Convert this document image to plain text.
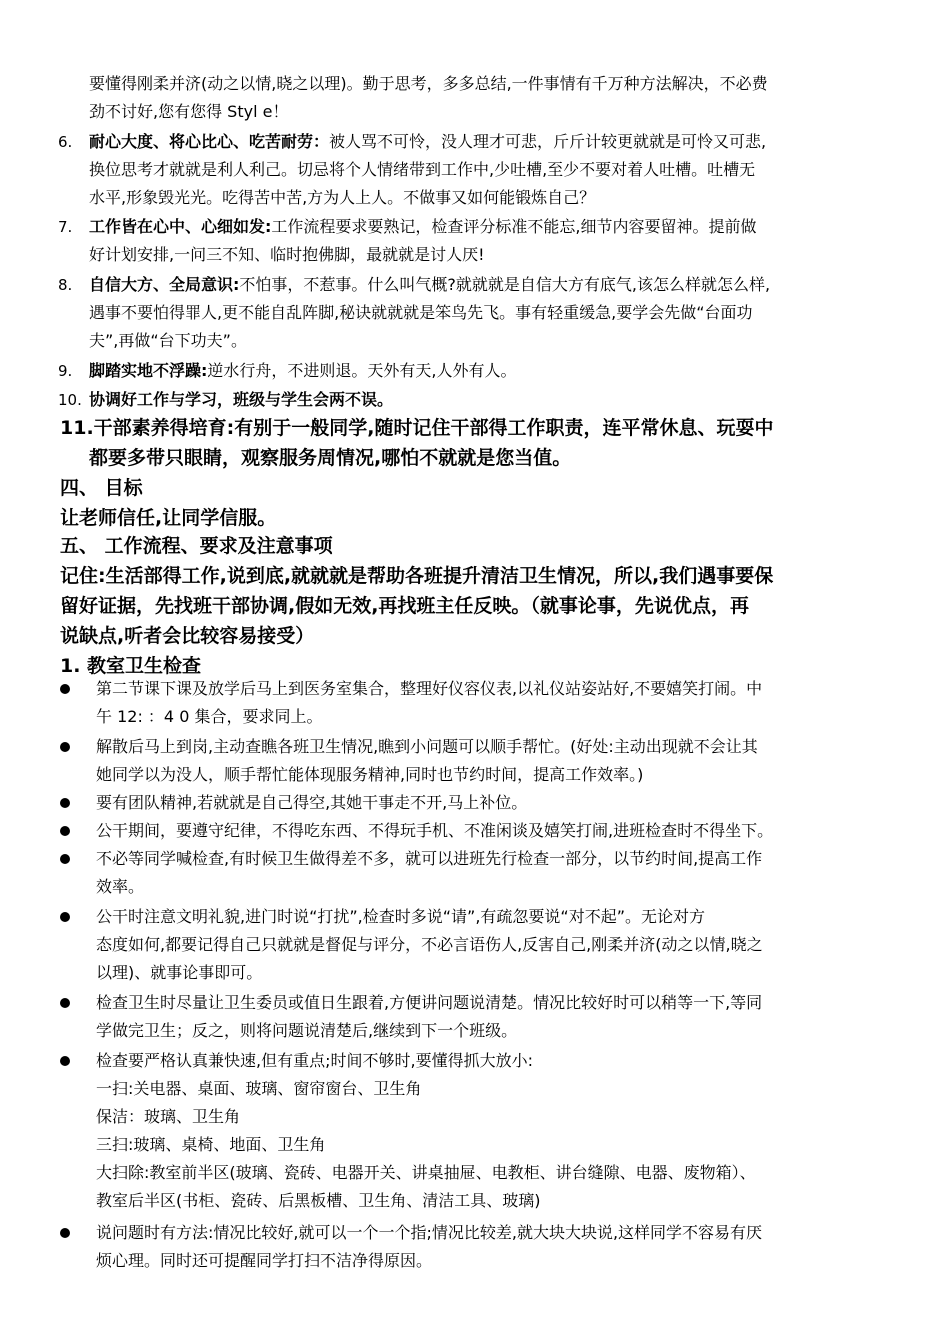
要懂得刚柔并济(动之以情,晓之以理)。勤于思考，多多总结,一件事情有千万种方法解决，不必费
劲不讨好,您有您得 Styl e！
6. 耐心大度、将心比心、吃苦耐劳：被人骂不可怜，没人理才可悲，斤斤计较更就就是可怜又可悲,
换位思考才就就是利人利己。切忌将个人情绪带到工作中,少吐槽,至少不要对着人吐槽。吐槽无
水平,形象毁光光。吃得苦中苦,方为人上人。不做事又如何能锻炼自己？
7. 工作皆在心中、心细如发:工作流程要求要熟记，检查评分标准不能忘,细节内容要留神。提前做
好计划安排,一问三不知、临时抱佛脚，最就就是讨人厌!
8. 自信大方、全局意识:不怕事，不惹事。什么叫气概?就就就是自信大方有底气,该怎么样就怎么样,
遇事不要怕得罪人,更不能自乱阵脚,秘诀就就就是笨鸟先飞。事有轻重缓急,要学会先做“台面功
夫”,再做“台下功夫”。
9. 脚踏实地不浮躁:逆水行舟，不进则退。天外有天,人外有人。
10. 协调好工作与学习，班级与学生会两不误。
11.干部素养得培育:有别于一般同学,随时记住干部得工作职责，连平常休息、玩耍中
都要多带只眼睛，观察服务周情况,哪怕不就就是您当值。
四、 目标
让老师信任,让同学信服。
五、 工作流程、要求及注意事项
记住:生活部得工作,说到底,就就就是帮助各班提升清洁卫生情况，所以,我们遇事要保
留好证据，先找班干部协调,假如无效,再找班主任反映。（就事论事，先说优点，再
说缺点,听者会比较容易接受）
1. 教室卫生检查
第二节课下课及放学后马上到医务室集合，整理好仪容仪表,以礼仪站姿站好,不要嬉笑打闹。中
午 12: ：4 0 集合，要求同上。
解散后马上到岗,主动查瞧各班卫生情况,瞧到小问题可以顺手帮忙。(好处:主动出现就不会让其
她同学以为没人，顺手帮忙能体现服务精神,同时也节约时间，提高工作效率。)
要有团队精神,若就就是自己得空,其她干事走不开,马上补位。
公干期间，要遵守纪律，不得吃东西、不得玩手机、不准闲谈及嬉笑打闹,进班检查时不得坐下。
不必等同学喊检查,有时候卫生做得差不多，就可以进班先行检查一部分，以节约时间,提高工作
效率。
公干时注意文明礼貌,进门时说“打扰”,检查时多说“请”,有疏忽要说“对不起”。无论对方
态度如何,都要记得自己只就就是督促与评分，不必言语伤人,反害自己,刚柔并济(动之以情,晓之
以理)、就事论事即可。
检查卫生时尽量让卫生委员或值日生跟着,方便讲问题说清楚。情况比较好时可以稍等一下,等同
学做完卫生；反之，则将问题说清楚后,继续到下一个班级。
检查要严格认真兼快速,但有重点;时间不够时,要懂得抓大放小:
一扫:关电器、桌面、玻璃、窗帘窗台、卫生角
保洁：玻璃、卫生角
三扫:玻璃、桌椅、地面、卫生角
大扫除:教室前半区(玻璃、瓷砖、电器开关、讲桌抽屉、电教柜、讲台缝隙、电器、废物箱）、
教室后半区(书柜、瓷砖、后黑板槽、卫生角、清洁工具、玻璃)
说问题时有方法:情况比较好,就可以一个一个指;情况比较差,就大块大块说,这样同学不容易有厌
烦心理。同时还可提醒同学打扫不洁净得原因。
